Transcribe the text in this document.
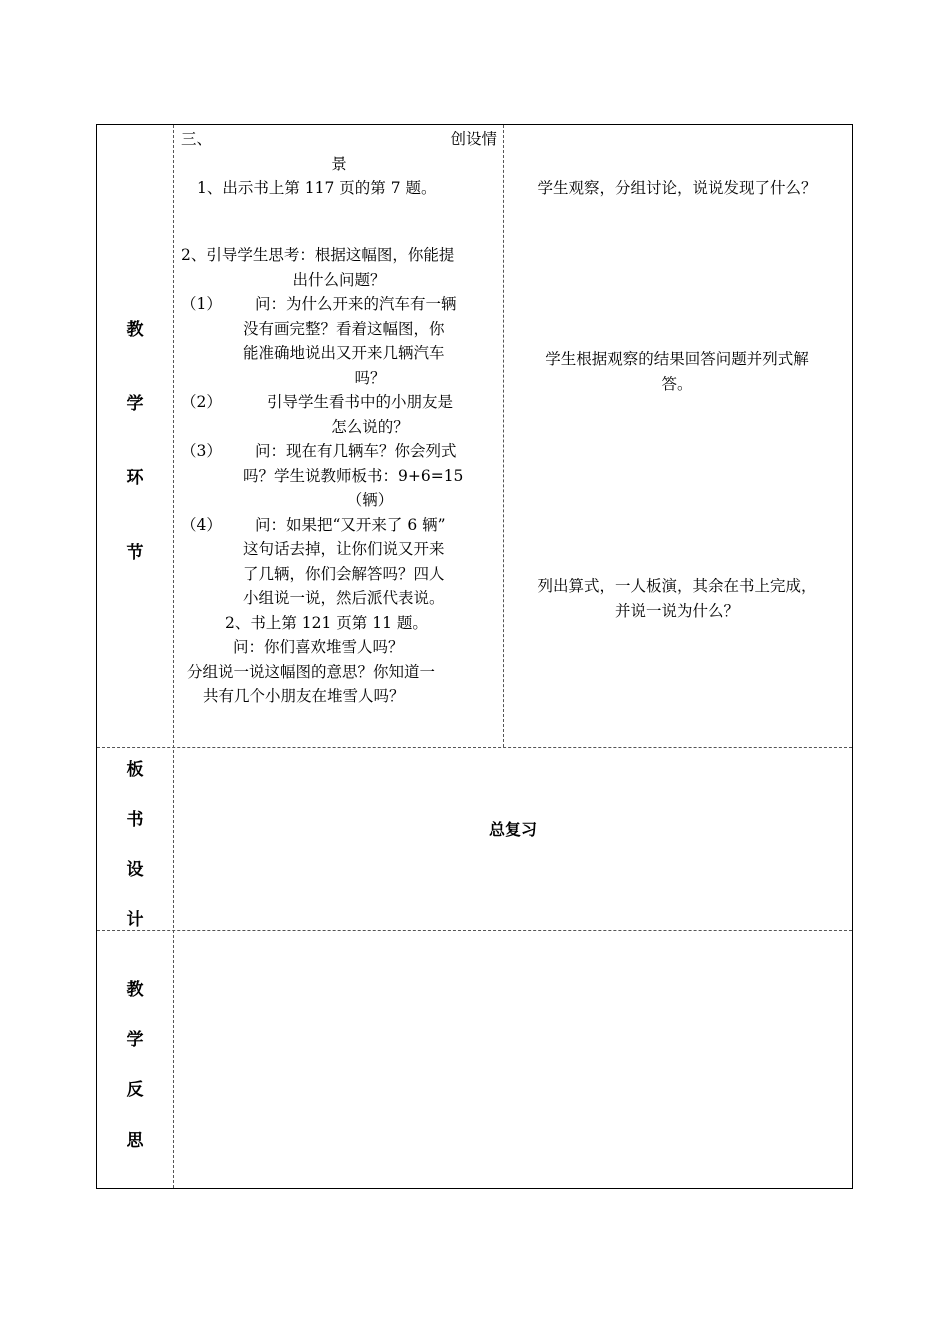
教
学
环
节
三、	创设情
景
1、出示书上第 117 页的第 7 题。
2、引导学生思考：根据这幅图，你能提
出什么问题？
（1） 问：为什么开来的汽车有一辆
没有画完整？看着这幅图，你
能准确地说出又开来几辆汽车
吗？
（2）	引导学生看书中的小朋友是
怎么说的？
（3） 问：现在有几辆车？你会列式
吗？学生说教师板书：9+6=15
（辆）
（4） 问：如果把“又开来了 6 辆”
这句话去掉，让你们说又开来
了几辆，你们会解答吗？四人
小组说一说，然后派代表说。
2、书上第 121 页第 11 题。
问：你们喜欢堆雪人吗？
分组说一说这幅图的意思？你知道一
共有几个小朋友在堆雪人吗？
学生观察，分组讨论，说说发现了什么？
学生根据观察的结果回答问题并列式解
答。
列出算式，一人板演，其余在书上完成，
并说一说为什么？
板
书
设
计
总复习
教
学
反
思
